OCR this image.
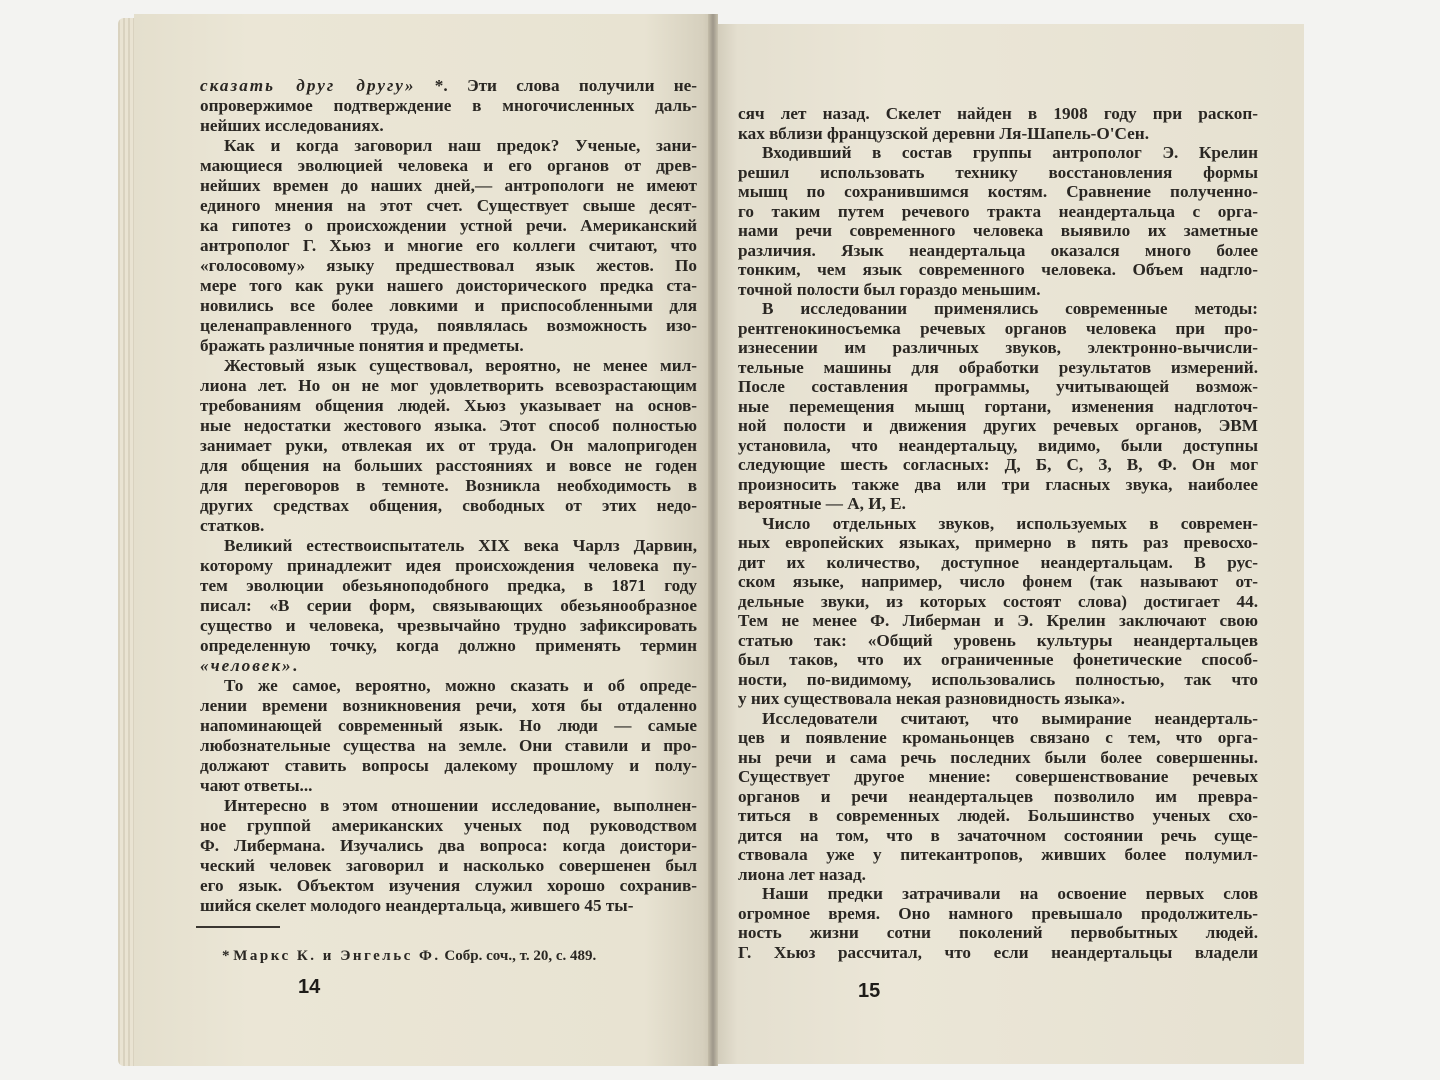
сказать друг другу» *. Эти слова получили не-
опровержимое подтверждение в многочисленных даль-
нейших исследованиях.
Как и когда заговорил наш предок? Ученые, зани-
мающиеся эволюцией человека и его органов от древ-
нейших времен до наших дней,— антропологи не имеют
единого мнения на этот счет. Существует свыше десят-
ка гипотез о происхождении устной речи. Американский
антрополог Г. Хьюз и многие его коллеги считают, что
«голосовому» языку предшествовал язык жестов. По
мере того как руки нашего доисторического предка ста-
новились все более ловкими и приспособленными для
целенаправленного труда, появлялась возможность изо-
бражать различные понятия и предметы.
Жестовый язык существовал, вероятно, не менее мил-
лиона лет. Но он не мог удовлетворить всевозрастающим
требованиям общения людей. Хьюз указывает на основ-
ные недостатки жестового языка. Этот способ полностью
занимает руки, отвлекая их от труда. Он малопригоден
для общения на больших расстояниях и вовсе не годен
для переговоров в темноте. Возникла необходимость в
других средствах общения, свободных от этих недо-
статков.
Великий естествоиспытатель XIX века Чарлз Дарвин,
которому принадлежит идея происхождения человека пу-
тем эволюции обезьяноподобного предка, в 1871 году
писал: «В серии форм, связывающих обезьянообразное
существо и человека, чрезвычайно трудно зафиксировать
определенную точку, когда должно применять термин
«человек».
То же самое, вероятно, можно сказать и об опреде-
лении времени возникновения речи, хотя бы отдаленно
напоминающей современный язык. Но люди — самые
любознательные существа на земле. Они ставили и про-
должают ставить вопросы далекому прошлому и полу-
чают ответы...
Интересно в этом отношении исследование, выполнен-
ное группой американских ученых под руководством
Ф. Либермана. Изучались два вопроса: когда доистори-
ческий человек заговорил и насколько совершенен был
его язык. Объектом изучения служил хорошо сохранив-
шийся скелет молодого неандертальца, жившего 45 ты-
сяч лет назад. Скелет найден в 1908 году при раскоп-
ках вблизи французской деревни Ля-Шапель-О'Сен.
Входивший в состав группы антрополог Э. Крелин
решил использовать технику восстановления формы
мышц по сохранившимся костям. Сравнение полученно-
го таким путем речевого тракта неандертальца с орга-
нами речи современного человека выявило их заметные
различия. Язык неандертальца оказался много более
тонким, чем язык современного человека. Объем надгло-
точной полости был гораздо меньшим.
В исследовании применялись современные методы:
рентгенокиносъемка речевых органов человека при про-
изнесении им различных звуков, электронно-вычисли-
тельные машины для обработки результатов измерений.
После составления программы, учитывающей возмож-
ные перемещения мышц гортани, изменения надглоточ-
ной полости и движения других речевых органов, ЭВМ
установила, что неандертальцу, видимо, были доступны
следующие шесть согласных: Д, Б, С, З, В, Ф. Он мог
произносить также два или три гласных звука, наиболее
вероятные — А, И, Е.
Число отдельных звуков, используемых в современ-
ных европейских языках, примерно в пять раз превосхо-
дит их количество, доступное неандертальцам. В рус-
ском языке, например, число фонем (так называют от-
дельные звуки, из которых состоят слова) достигает 44.
Тем не менее Ф. Либерман и Э. Крелин заключают свою
статью так: «Общий уровень культуры неандертальцев
был таков, что их ограниченные фонетические способ-
ности, по-видимому, использовались полностью, так что
у них существовала некая разновидность языка».
Исследователи считают, что вымирание неандерталь-
цев и появление кроманьонцев связано с тем, что орга-
ны речи и сама речь последних были более совершенны.
Существует другое мнение: совершенствование речевых
органов и речи неандертальцев позволило им превра-
титься в современных людей. Большинство ученых схо-
дится на том, что в зачаточном состоянии речь суще-
ствовала уже у питекантропов, живших более полумил-
лиона лет назад.
Наши предки затрачивали на освоение первых слов
огромное время. Оно намного превышало продолжитель-
ность жизни сотни поколений первобытных людей.
Г. Хьюз рассчитал, что если неандертальцы владели
* Маркс К. и Энгельс Ф. Собр. соч., т. 20, с. 489.
14	15
